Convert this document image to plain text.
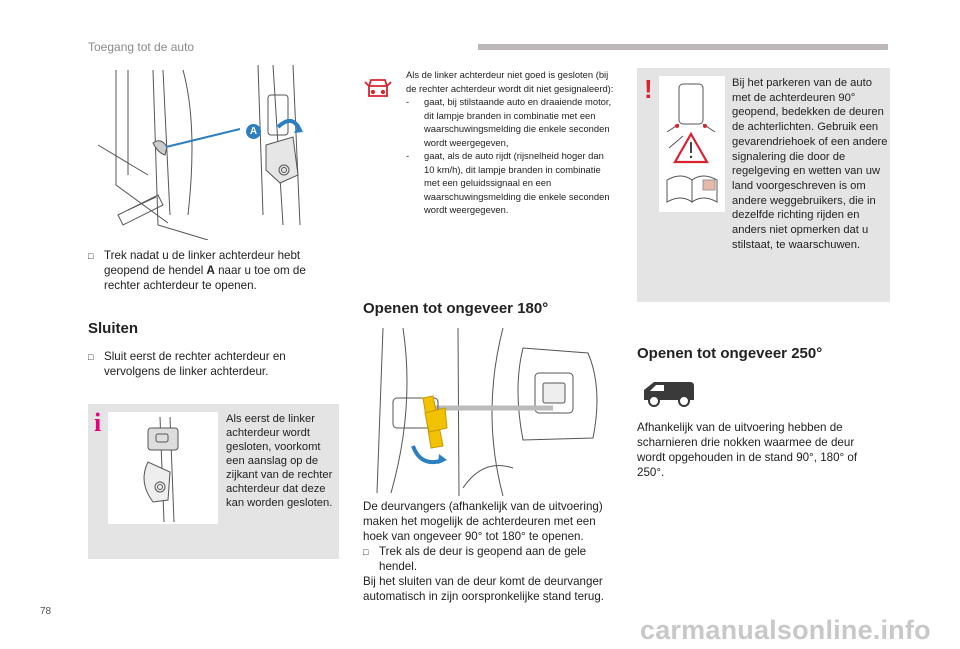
Toegang tot de auto
A
□ Trek nadat u de linker achterdeur hebt geopend de hendel A naar u toe om de rechter achterdeur te openen.
Sluiten
□ Sluit eerst de rechter achterdeur en vervolgens de linker achterdeur.
i	Als eerst de linker achterdeur wordt gesloten, voorkomt een aanslag op de zijkant van de rechter achterdeur dat deze kan worden gesloten.
Als de linker achterdeur niet goed is gesloten (bij de rechter achterdeur wordt dit niet gesignaleerd):
-	gaat, bij stilstaande auto en draaiende motor, dit lampje branden in combinatie met een waarschuwingsmelding die enkele seconden wordt weergegeven,
-	gaat, als de auto rijdt (rijsnelheid hoger dan 10 km/h), dit lampje branden in combinatie met een geluidssignaal en een waarschuwingsmelding die enkele seconden wordt weergegeven.
Openen tot ongeveer 180°
De deurvangers (afhankelijk van de uitvoering) maken het mogelijk de achterdeuren met een hoek van ongeveer 90° tot 180° te openen.
□ Trek als de deur is geopend aan de gele hendel.
Bij het sluiten van de deur komt de deurvanger automatisch in zijn oorspronkelijke stand terug.
!	Bij het parkeren van de auto met de achterdeuren 90° geopend, bedekken de deuren de achterlichten. Gebruik een gevarendriehoek of een andere signalering die door de regelgeving en wetten van uw land voorgeschreven is om andere weggebruikers, die in dezelfde richting rijden en anders niet opmerken dat u stilstaat, te waarschuwen.
Openen tot ongeveer 250°
Afhankelijk van de uitvoering hebben de scharnieren drie nokken waarmee de deur wordt opgehouden in de stand 90°, 180° of 250°.
78
carmanualsonline.info
